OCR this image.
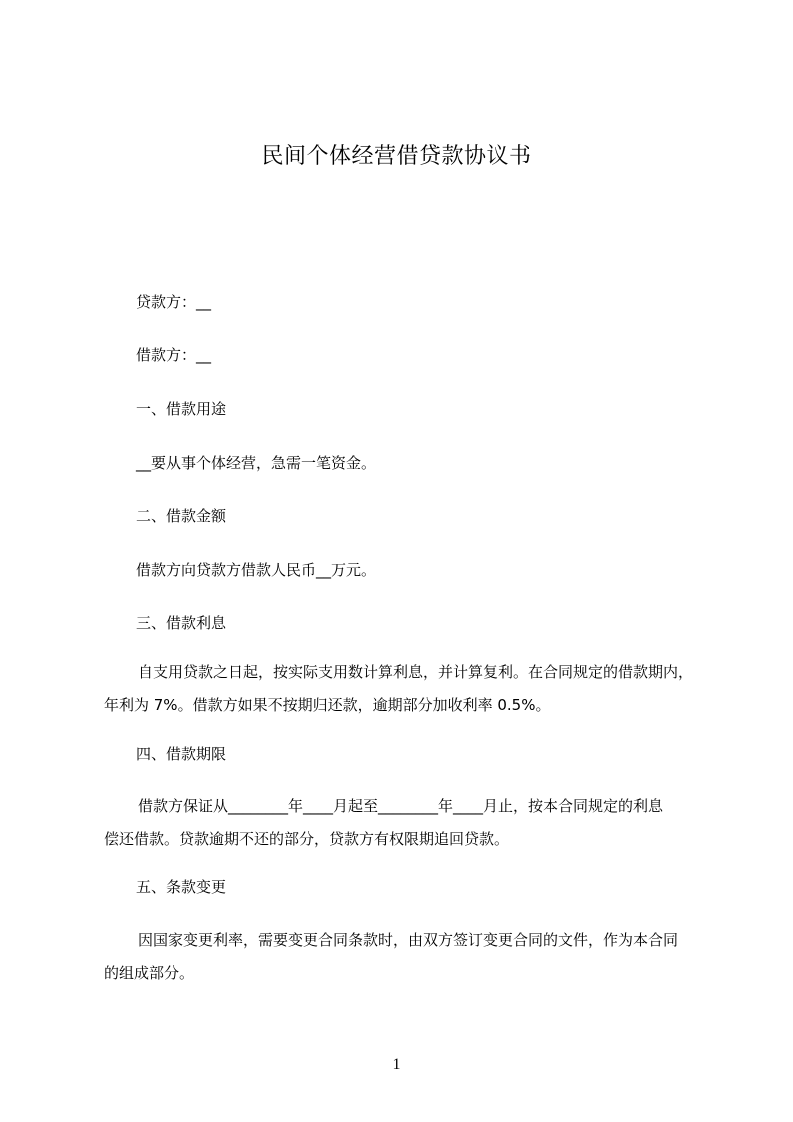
民间个体经营借贷款协议书
贷款方：__
借款方：__
一、借款用途
__要从事个体经营，急需一笔资金。
二、借款金额
借款方向贷款方借款人民币__万元。
三、借款利息

自支用贷款之日起，按实际支用数计算利息，并计算复利。在合同规定的借款期内，

年利为 7%。借款方如果不按期归还款，逾期部分加收利率 0.5%。

四、借款期限

借款方保证从________年____月起至________年____月止，按本合同规定的利息

偿还借款。贷款逾期不还的部分，贷款方有权限期追回贷款。

五、条款变更

因国家变更利率，需要变更合同条款时，由双方签订变更合同的文件，作为本合同

的组成部分。

1
